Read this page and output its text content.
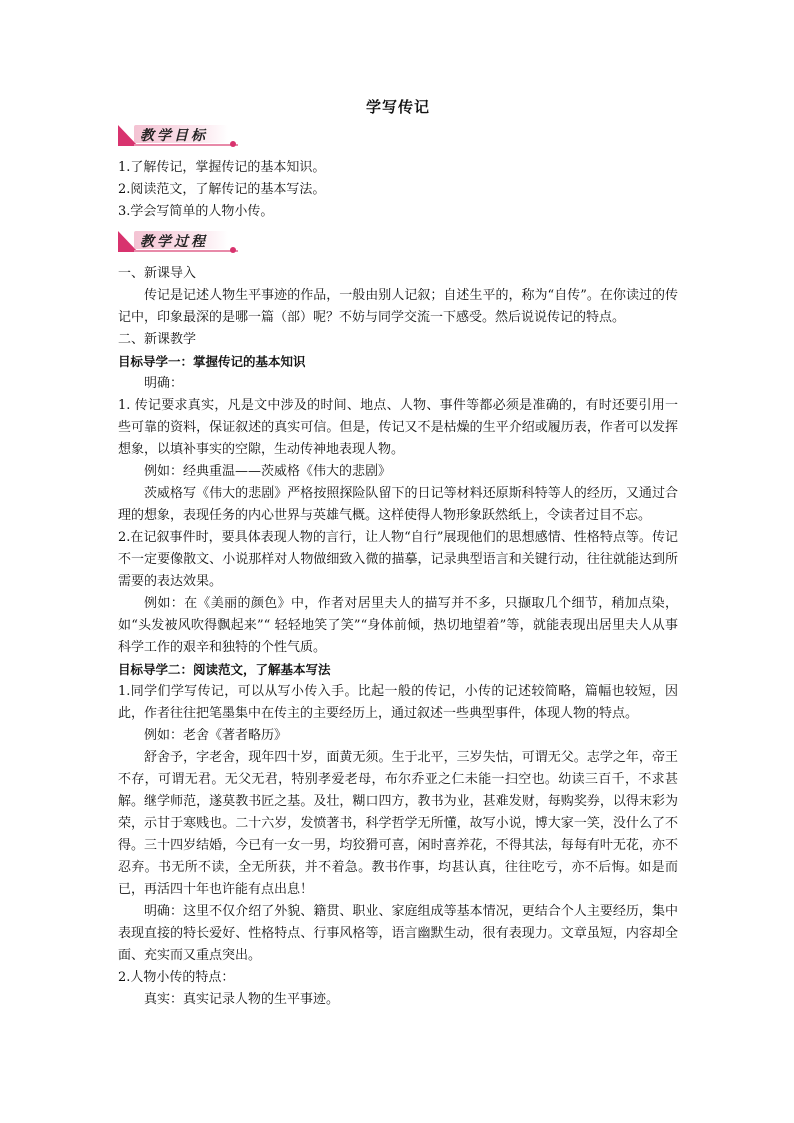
学写传记
教学目标

1.了解传记，掌握传记的基本知识。

2.阅读范文，了解传记的基本写法。

3.学会写简单的人物小传。

教学过程

一、新课导入

传记是记述人物生平事迹的作品，一般由别人记叙；自述生平的，称为“自传”。在你读过的传记中，印象最深的是哪一篇（部）呢？不妨与同学交流一下感受。然后说说传记的特点。

二、新课教学

目标导学一：掌握传记的基本知识

明确：

1. 传记要求真实，凡是文中涉及的时间、地点、人物、事件等都必须是准确的，有时还要引用一些可靠的资料，保证叙述的真实可信。但是，传记又不是枯燥的生平介绍或履历表，作者可以发挥想象，以填补事实的空隙，生动传神地表现人物。

例如：经典重温——茨威格《伟大的悲剧》

茨威格写《伟大的悲剧》严格按照探险队留下的日记等材料还原斯科特等人的经历，又通过合理的想象，表现任务的内心世界与英雄气概。这样使得人物形象跃然纸上，令读者过目不忘。

2.在记叙事件时，要具体表现人物的言行，让人物“自行”展现他们的思想感情、性格特点等。传记不一定要像散文、小说那样对人物做细致入微的描摹，记录典型语言和关键行动，往往就能达到所需要的表达效果。

例如：在《美丽的颜色》中，作者对居里夫人的描写并不多，只撷取几个细节，稍加点染，如“头发被风吹得飘起来”“ 轻轻地笑了笑”“身体前倾，热切地望着”等，就能表现出居里夫人从事科学工作的艰辛和独特的个性气质。

目标导学二：阅读范文，了解基本写法

1.同学们学写传记，可以从写小传入手。比起一般的传记，小传的记述较简略，篇幅也较短，因此，作者往往把笔墨集中在传主的主要经历上，通过叙述一些典型事件，体现人物的特点。

例如：老舍《著者略历》

舒舍予，字老舍，现年四十岁，面黄无须。生于北平，三岁失怙，可谓无父。志学之年，帝王不存，可谓无君。无父无君，特别孝爱老母，布尔乔亚之仁未能一扫空也。幼读三百千，不求甚解。继学师范，遂莫教书匠之基。及壮，糊口四方，教书为业，甚难发财，每购奖券，以得末彩为荣，示甘于寒贱也。二十六岁，发愤著书，科学哲学无所懂，故写小说，博大家一笑，没什么了不得。三十四岁结婚，今已有一女一男，均狡猾可喜，闲时喜养花，不得其法，每每有叶无花，亦不忍弃。书无所不读，全无所获，并不着急。教书作事，均甚认真，往往吃亏，亦不后悔。如是而已，再活四十年也许能有点出息！

明确：这里不仅介绍了外貌、籍贯、职业、家庭组成等基本情况，更结合个人主要经历，集中表现直接的特长爱好、性格特点、行事风格等，语言幽默生动，很有表现力。文章虽短，内容却全面、充实而又重点突出。

2.人物小传的特点：

真实：真实记录人物的生平事迹。
